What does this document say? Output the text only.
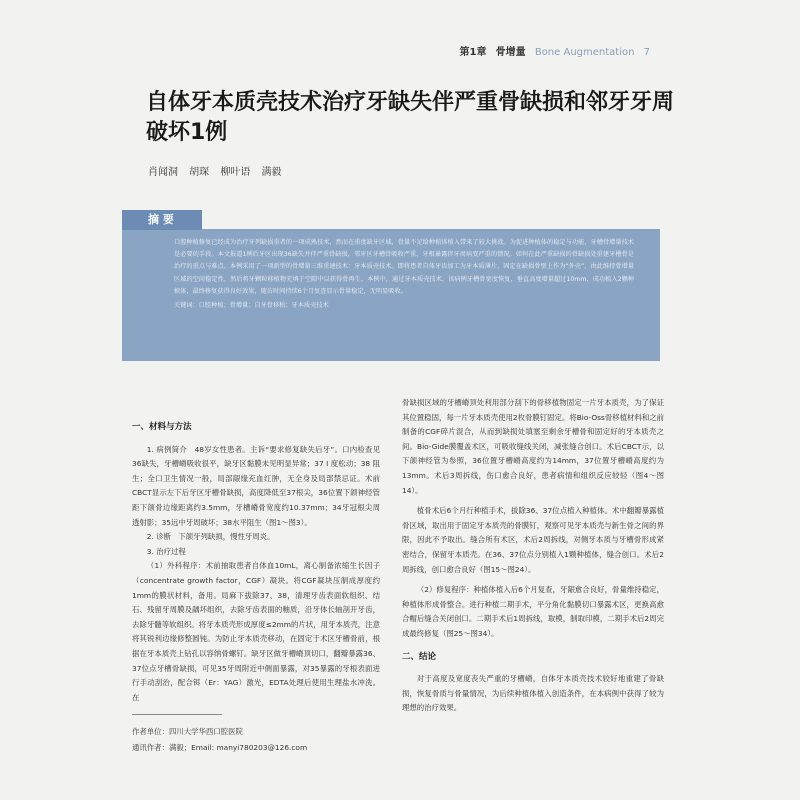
第1章 骨增量 Bone Augmentation 7
自体牙本质壳技术治疗牙缺失伴严重骨缺损和邻牙牙周破坏1例
肖闻洞 胡琛 柳叶语 满毅
口腔种植修复已经成为治疗牙列缺损重者的一项成熟技术，然而在重度缺牙区域，骨量不足给种植体植入带来了较大挑战。为促进种植体的稳定与功能，牙槽骨增量技术是必要的手段。本文报道1例后牙区出现36缺失并伴严重骨缺损，邻牙区牙槽骨吸收严重，牙根暴露伴牙周病变严重的情况。如何在此严重缺损的骨缺损处重建牙槽骨是治疗的重点与难点。本例采用了一项新型的骨增量三维重建技术：牙本质壳技术。即将患者自体牙齿加工为牙本质薄片，固定在缺损骨壁上作为“外壳”，由此维持骨增量区域的空间稳定性，然后将牙颗粒移植物充填于空隙中以获得骨再生。本例中，通过牙本质壳技术，该病例牙槽骨宽度恢复，垂直高度增量超过10mm，成功植入2颗种植体，最终修复获得良好效果，随访时间持续6个月复查显示骨量稳定，无明显吸收。
关键词：口腔种植；骨增量；自牙骨移植；牙本质壳技术
摘 要
一、材料与方法

1. 病例简介　48岁女性患者。主诉“要求修复缺失后牙”。口内检查见36缺失，牙槽嵴吸收很平，缺牙区黏膜未见明显异常；37 I 度松动；38 阻生；全口卫生情况一般，局部龈缘充血红肿，无全身及局部禁忌证。术前CBCT显示左下后牙区牙槽骨缺损，高度降低至37根尖，36位置下颌神经管距下颌骨边缘距离约3.5mm，牙槽嵴骨宽度约10.37mm；34牙冠根尖周透射影；35远中牙周破坏；38水平阻生（图1～图3）。

2. 诊断　下颌牙列缺损，慢性牙周炎。

3. 治疗过程

（1）外科程序：术前抽取患者自体血10mL，离心制备浓缩生长因子（concentrate growth factor，CGF）凝块。将CGF凝块压制成厚度约1mm的膜状材料，备用。局麻下拔除37、38，清理牙齿表面软组织、结石、残留牙周膜及龋坏组织，去除牙齿表面的釉质，沿牙体长轴剖开牙齿，去除牙髓等软组织。将牙本质壳形成厚度≤2mm的片状，用牙本质壳，注意将其锐利边缘修整圆钝。为防止牙本质壳移动，在固定于术区牙槽骨前，根据在牙本质壳上钻孔以容纳骨螺钉。缺牙区做牙槽嵴顶切口，翻瓣暴露36、37位点牙槽骨缺损，可见35牙周附近中侧面暴露，对35暴露的牙根表面进行手动刮治，配合铒（Er：YAG）激光，EDTA处理后使用生理盐水冲洗。在

骨缺损区域的牙槽嵴顶处利用部分刮下的骨移植物固定一片牙本质壳，为了保证其位置稳固，每一片牙本质壳使用2枚骨膜钉固定。将Bio-Oss骨移植材料和之前制备的CGF碎片混合，从而到缺损处填塞至剩余牙槽骨和固定好的牙本质壳之间。Bio-Gide膜覆盖术区，可吸收缝线关闭，减张缝合创口。术后CBCT示，以下颌神经管为参照，36位置牙槽嵴高度约为14mm，37位置牙槽嵴高度约为13mm。术后3周拆线，伤口愈合良好，患者病情和组织反应较轻（图4～图14）。

植骨术后6个月行种植手术，拔除36、37位点植入种植体。术中翻瓣暴露植骨区域，取出用于固定牙本质壳的骨膜钉，观察可见牙本质壳与新生骨之间的界限，因此不予取出。缝合所有术区，术后2周拆线，对侧牙本质与牙槽骨形成紧密结合，保留牙本质壳。在36、37位点分别植入1颗种植体，缝合创口。术后2周拆线，创口愈合良好（图15～图24）。

（2）修复程序：种植体植入后6个月复查，牙龈愈合良好，骨量维持稳定，种植体形成骨整合。进行种植二期手术，平分角化黏膜切口暴露术区，更换高愈合帽后缝合关闭创口。二期手术后1周拆线，取模，制取印模，二期手术后2周完成最终修复（图25～图34）。

二、结论

对于高度及宽度丧失严重的牙槽嵴，自体牙本质壳技术较好地重建了骨缺损，恢复骨质与骨量情况，为后续种植体植入创造条件，在本病例中获得了较为理想的治疗效果。

作者单位：四川大学华西口腔医院
通讯作者：满毅；Email: manyi780203@126.com
